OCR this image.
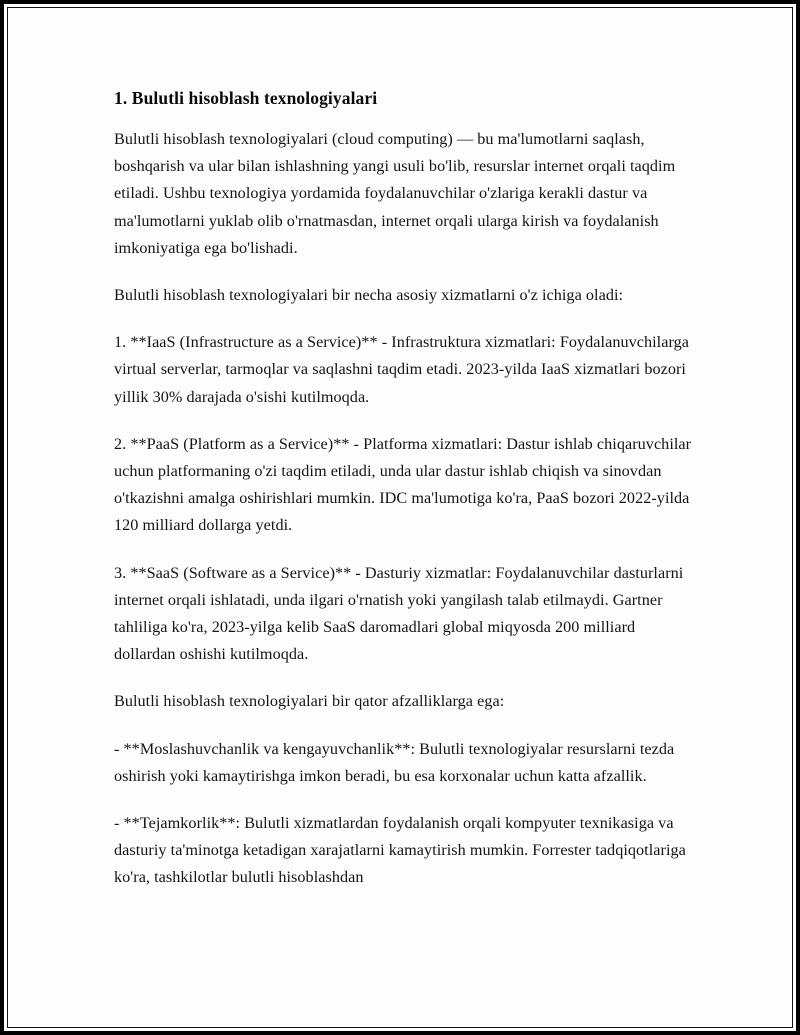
1. Bulutli hisoblash texnologiyalari

Bulutli hisoblash texnologiyalari (cloud computing) — bu ma'lumotlarni saqlash, boshqarish va ular bilan ishlashning yangi usuli bo'lib, resurslar internet orqali taqdim etiladi. Ushbu texnologiya yordamida foydalanuvchilar o'zlariga kerakli dastur va ma'lumotlarni yuklab olib o'rnatmasdan, internet orqali ularga kirish va foydalanish imkoniyatiga ega bo'lishadi.

Bulutli hisoblash texnologiyalari bir necha asosiy xizmatlarni o'z ichiga oladi:

1. **IaaS (Infrastructure as a Service)** - Infrastruktura xizmatlari: Foydalanuvchilarga virtual serverlar, tarmoqlar va saqlashni taqdim etadi. 2023-yilda IaaS xizmatlari bozori yillik 30% darajada o'sishi kutilmoqda.

2. **PaaS (Platform as a Service)** - Platforma xizmatlari: Dastur ishlab chiqaruvchilar uchun platformaning o'zi taqdim etiladi, unda ular dastur ishlab chiqish va sinovdan o'tkazishni amalga oshirishlari mumkin. IDC ma'lumotiga ko'ra, PaaS bozori 2022-yilda 120 milliard dollarga yetdi.

3. **SaaS (Software as a Service)** - Dasturiy xizmatlar: Foydalanuvchilar dasturlarni internet orqali ishlatadi, unda ilgari o'rnatish yoki yangilash talab etilmaydi. Gartner tahliliga ko'ra, 2023-yilga kelib SaaS daromadlari global miqyosda 200 milliard dollardan oshishi kutilmoqda.

Bulutli hisoblash texnologiyalari bir qator afzalliklarga ega:

- **Moslashuvchanlik va kengayuvchanlik**: Bulutli texnologiyalar resurslarni tezda oshirish yoki kamaytirishga imkon beradi, bu esa korxonalar uchun katta afzallik.

- **Tejamkorlik**: Bulutli xizmatlardan foydalanish orqali kompyuter texnikasiga va dasturiy ta'minotga ketadigan xarajatlarni kamaytirish mumkin. Forrester tadqiqotlariga ko'ra, tashkilotlar bulutli hisoblashdan
